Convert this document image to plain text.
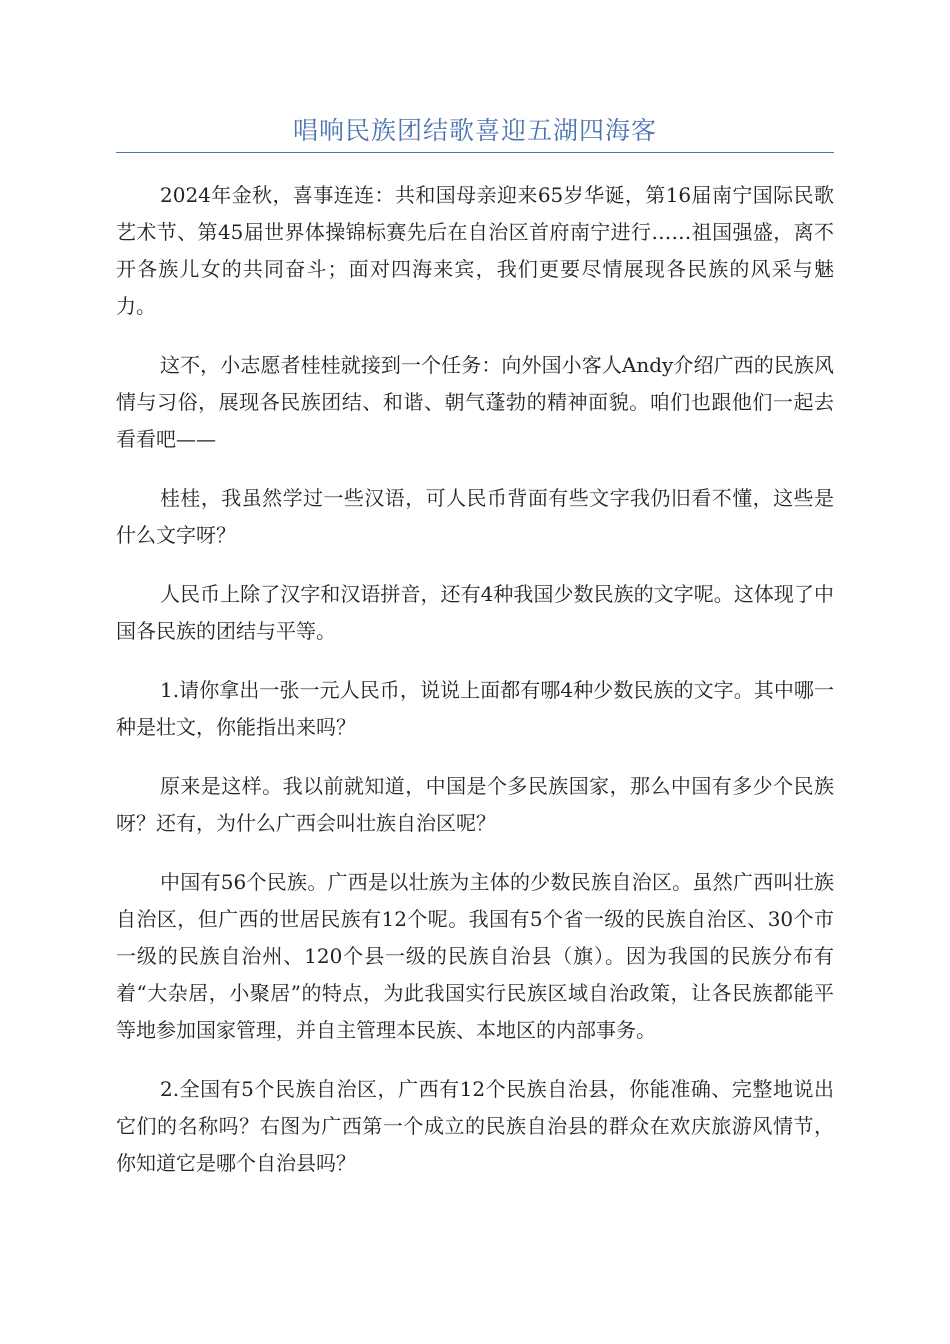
唱响民族团结歌喜迎五湖四海客

2024年金秋，喜事连连：共和国母亲迎来65岁华诞，第16届南宁国际民歌艺术节、第45届世界体操锦标赛先后在自治区首府南宁进行……祖国强盛，离不开各族儿女的共同奋斗；面对四海来宾，我们更要尽情展现各民族的风采与魅力。

这不，小志愿者桂桂就接到一个任务：向外国小客人Andy介绍广西的民族风情与习俗，展现各民族团结、和谐、朝气蓬勃的精神面貌。咱们也跟他们一起去看看吧——

桂桂，我虽然学过一些汉语，可人民币背面有些文字我仍旧看不懂，这些是什么文字呀？

人民币上除了汉字和汉语拼音，还有4种我国少数民族的文字呢。这体现了中国各民族的团结与平等。

1.请你拿出一张一元人民币，说说上面都有哪4种少数民族的文字。其中哪一种是壮文，你能指出来吗？

原来是这样。我以前就知道，中国是个多民族国家，那么中国有多少个民族呀？还有，为什么广西会叫壮族自治区呢？

中国有56个民族。广西是以壮族为主体的少数民族自治区。虽然广西叫壮族自治区，但广西的世居民族有12个呢。我国有5个省一级的民族自治区、30个市一级的民族自治州、120个县一级的民族自治县（旗）。因为我国的民族分布有着“大杂居，小聚居”的特点，为此我国实行民族区域自治政策，让各民族都能平等地参加国家管理，并自主管理本民族、本地区的内部事务。

2.全国有5个民族自治区，广西有12个民族自治县，你能准确、完整地说出它们的名称吗？右图为广西第一个成立的民族自治县的群众在欢庆旅游风情节，你知道它是哪个自治县吗？
